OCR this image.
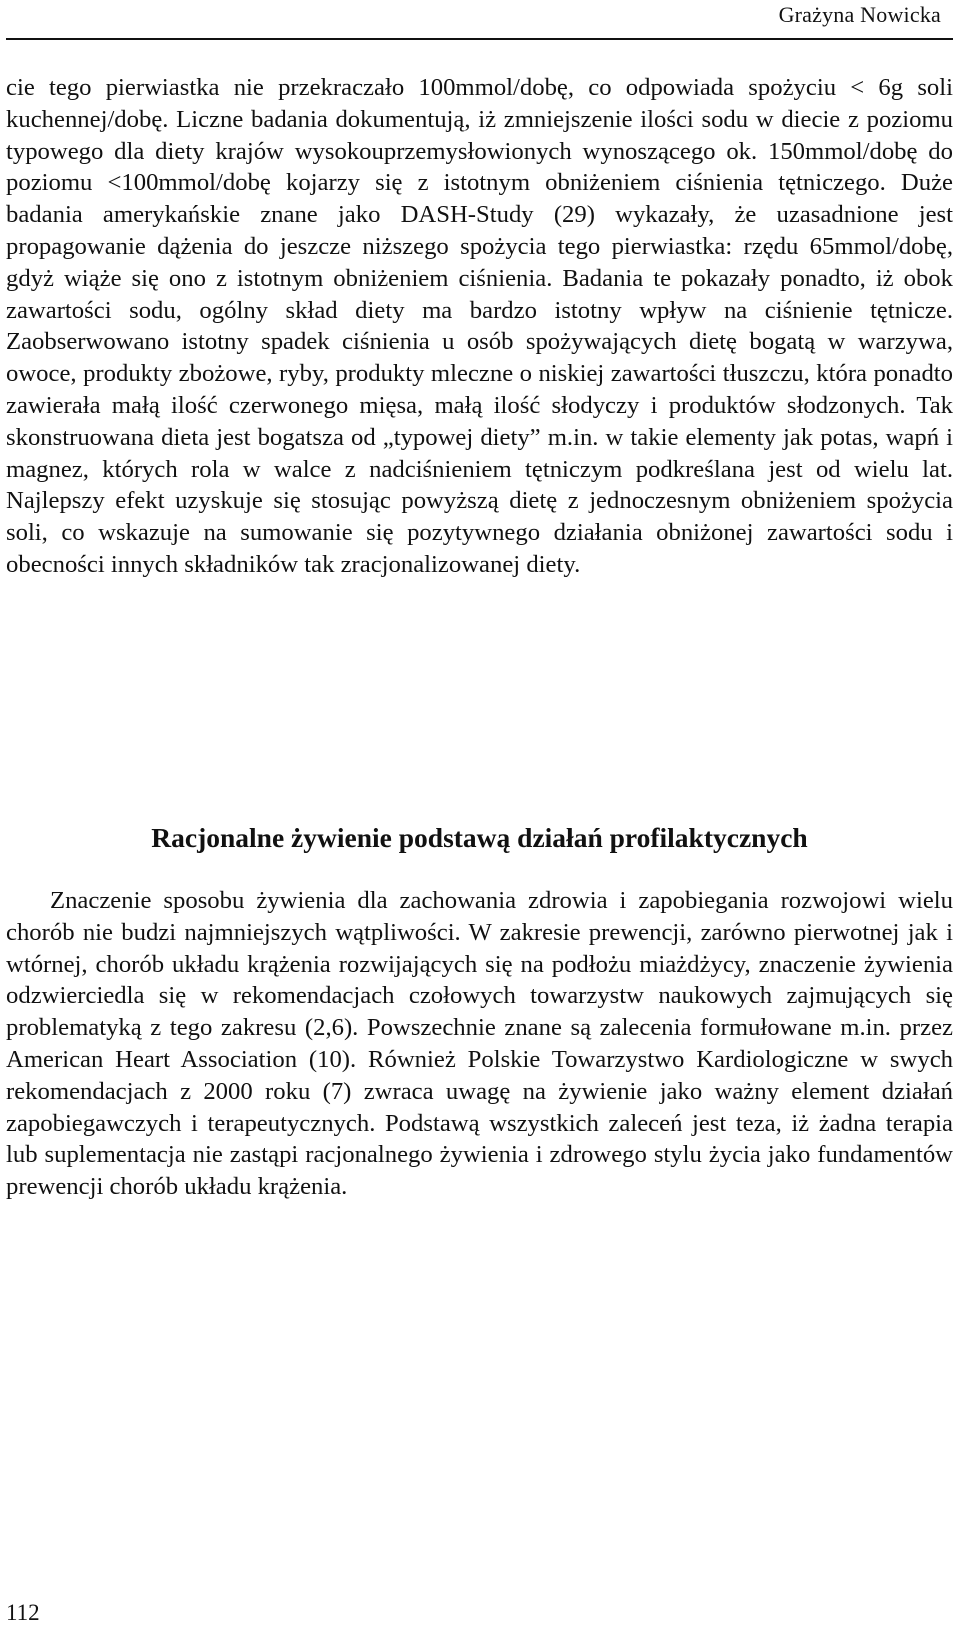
Grażyna Nowicka

cie tego pierwiastka nie przekraczało 100mmol/dobę, co odpowiada spożyciu < 6g soli kuchennej/dobę. Liczne badania dokumentują, iż zmniejszenie ilości sodu w diecie z poziomu typowego dla diety krajów wysokouprzemysłowionych wynoszącego ok. 150mmol/dobę do poziomu <100mmol/dobę kojarzy się z istotnym obniżeniem ciśnienia tętniczego. Duże badania amerykańskie znane jako DASH-Study (29) wykazały, że uzasadnione jest propagowanie dążenia do jeszcze niższego spożycia tego pierwiastka: rzędu 65mmol/dobę, gdyż wiąże się ono z istotnym obniżeniem ciśnienia. Badania te pokazały ponadto, iż obok zawartości sodu, ogólny skład diety ma bardzo istotny wpływ na ciśnienie tętnicze. Zaobserwowano istotny spadek ciśnienia u osób spożywających dietę bogatą w warzywa, owoce, produkty zbożowe, ryby, produkty mleczne o niskiej zawartości tłuszczu, która ponadto zawierała małą ilość czerwonego mięsa, małą ilość słodyczy i produktów słodzonych. Tak skonstruowana dieta jest bogatsza od „typowej diety” m.in. w takie elementy jak potas, wapń i magnez, których rola w walce z nadciśnieniem tętniczym podkreślana jest od wielu lat. Najlepszy efekt uzyskuje się stosując powyższą dietę z jednoczesnym obniżeniem spożycia soli, co wskazuje na sumowanie się pozytywnego działania obniżonej zawartości sodu i obecności innych składników tak zracjonalizowanej diety.

Racjonalne żywienie podstawą działań profilaktycznych

Znaczenie sposobu żywienia dla zachowania zdrowia i zapobiegania rozwojowi wielu chorób nie budzi najmniejszych wątpliwości. W zakresie prewencji, zarówno pierwotnej jak i wtórnej, chorób układu krążenia rozwijających się na podłożu miażdżycy, znaczenie żywienia odzwierciedla się w rekomendacjach czołowych towarzystw naukowych zajmujących się problematyką z tego zakresu (2,6). Powszechnie znane są zalecenia formułowane m.in. przez American Heart Association (10). Również Polskie Towarzystwo Kardiologiczne w swych rekomendacjach z 2000 roku (7) zwraca uwagę na żywienie jako ważny element działań zapobiegawczych i terapeutycznych. Podstawą wszystkich zaleceń jest teza, iż żadna terapia lub suplementacja nie zastąpi racjonalnego żywienia i zdrowego stylu życia jako fundamentów prewencji chorób układu krążenia.

112
